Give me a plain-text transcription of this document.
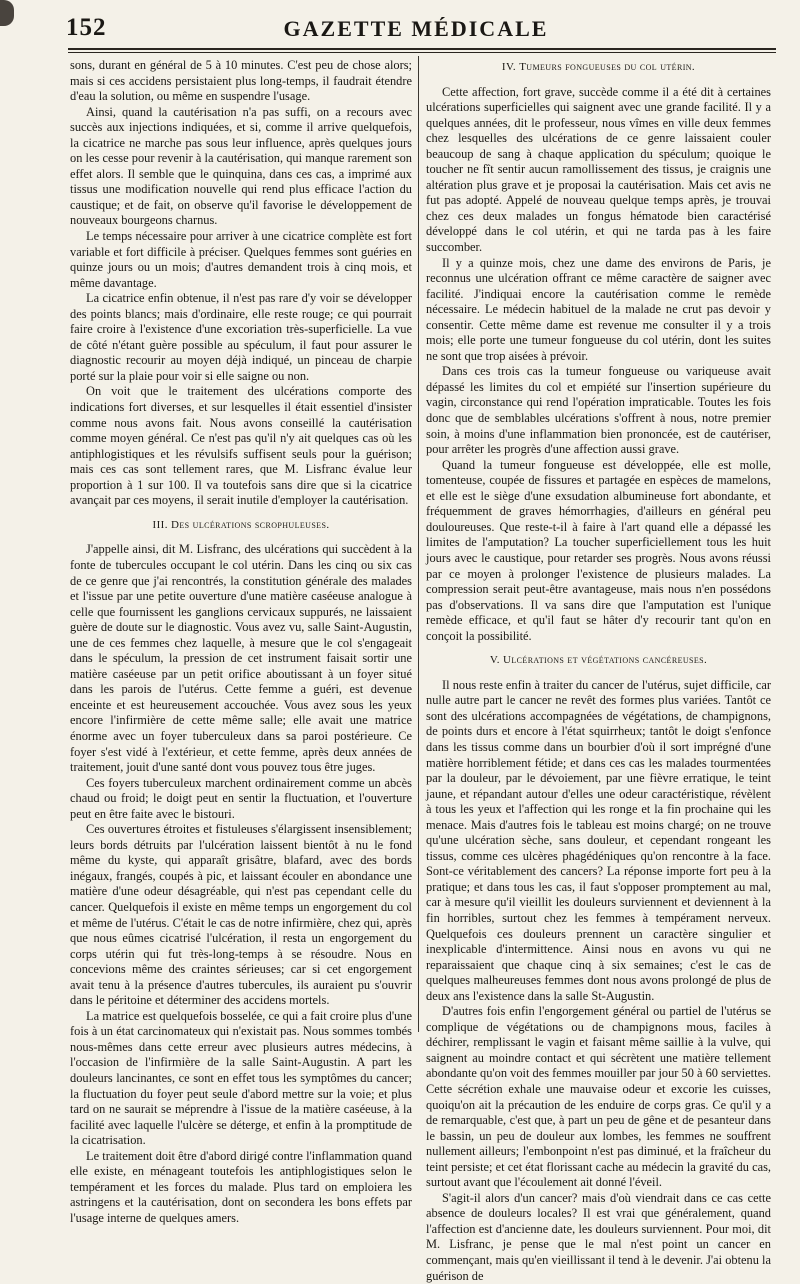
152	GAZETTE MÉDICALE

sons, durant en général de 5 à 10 minutes. C'est peu de chose alors; mais si ces accidens persistaient plus long-temps, il faudrait étendre d'eau la solution, ou même en suspendre l'usage.

Ainsi, quand la cautérisation n'a pas suffi, on a recours avec succès aux injections indiquées, et si, comme il arrive quelquefois, la cicatrice ne marche pas sous leur influence, après quelques jours on les cesse pour revenir à la cautérisation, qui manque rarement son effet alors. Il semble que le quinquina, dans ces cas, a imprimé aux tissus une modification nouvelle qui rend plus efficace l'action du caustique; et de fait, on observe qu'il favorise le développement de nouveaux bourgeons charnus.

Le temps nécessaire pour arriver à une cicatrice complète est fort variable et fort difficile à préciser. Quelques femmes sont guéries en quinze jours ou un mois; d'autres demandent trois à cinq mois, et même davantage.

La cicatrice enfin obtenue, il n'est pas rare d'y voir se développer des points blancs; mais d'ordinaire, elle reste rouge; ce qui pourrait faire croire à l'existence d'une excoriation très-superficielle. La vue de côté n'étant guère possible au spéculum, il faut pour assurer le diagnostic recourir au moyen déjà indiqué, un pinceau de charpie porté sur la plaie pour voir si elle saigne ou non.

On voit que le traitement des ulcérations comporte des indications fort diverses, et sur lesquelles il était essentiel d'insister comme nous avons fait. Nous avons conseillé la cautérisation comme moyen général. Ce n'est pas qu'il n'y ait quelques cas où les antiphlogistiques et les révulsifs suffisent seuls pour la guérison; mais ces cas sont tellement rares, que M. Lisfranc évalue leur proportion à 1 sur 100. Il va toutefois sans dire que si la cicatrice avançait par ces moyens, il serait inutile d'employer la cautérisation.

III. Des ulcérations scrophuleuses.

J'appelle ainsi, dit M. Lisfranc, des ulcérations qui succèdent à la fonte de tubercules occupant le col utérin. Dans les cinq ou six cas de ce genre que j'ai rencontrés, la constitution générale des malades et l'issue par une petite ouverture d'une matière caséeuse analogue à celle que fournissent les ganglions cervicaux suppurés, ne laissaient guère de doute sur le diagnostic. Vous avez vu, salle Saint-Augustin, une de ces femmes chez laquelle, à mesure que le col s'engageait dans le spéculum, la pression de cet instrument faisait sortir une matière caséeuse par un petit orifice aboutissant à un foyer situé dans les parois de l'utérus. Cette femme a guéri, est devenue enceinte et est heureusement accouchée. Vous avez sous les yeux encore l'infirmière de cette même salle; elle avait une matrice énorme avec un foyer tuberculeux dans sa paroi postérieure. Ce foyer s'est vidé à l'extérieur, et cette femme, après deux années de traitement, jouit d'une santé dont vous pouvez tous être juges.

Ces foyers tuberculeux marchent ordinairement comme un abcès chaud ou froid; le doigt peut en sentir la fluctuation, et l'ouverture peut en être faite avec le bistouri.

Ces ouvertures étroites et fistuleuses s'élargissent insensiblement; leurs bords détruits par l'ulcération laissent bientôt à nu le fond même du kyste, qui apparaît grisâtre, blafard, avec des bords inégaux, frangés, coupés à pic, et laissant écouler en abondance une matière d'une odeur désagréable, qui n'est pas cependant celle du cancer. Quelquefois il existe en même temps un engorgement du col et même de l'utérus. C'était le cas de notre infirmière, chez qui, après que nous eûmes cicatrisé l'ulcération, il resta un engorgement du corps utérin qui fut très-long-temps à se résoudre. Nous en concevions même des craintes sérieuses; car si cet engorgement avait tenu à la présence d'autres tubercules, ils auraient pu s'ouvrir dans le péritoine et déterminer des accidens mortels.

La matrice est quelquefois bosselée, ce qui a fait croire plus d'une fois à un état carcinomateux qui n'existait pas. Nous sommes tombés nous-mêmes dans cette erreur avec plusieurs autres médecins, à l'occasion de l'infirmière de la salle Saint-Augustin. A part les douleurs lancinantes, ce sont en effet tous les symptômes du cancer; la fluctuation du foyer peut seule d'abord mettre sur la voie; et plus tard on ne saurait se méprendre à l'issue de la matière caséeuse, à la facilité avec laquelle l'ulcère se déterge, et enfin à la promptitude de la cicatrisation.

Le traitement doit être d'abord dirigé contre l'inflammation quand elle existe, en ménageant toutefois les antiphlogistiques selon le tempérament et les forces du malade. Plus tard on emploiera les astringens et la cautérisation, dont on secondera les bons effets par l'usage interne de quelques amers.

IV. Tumeurs fongueuses du col utérin.

Cette affection, fort grave, succède comme il a été dit à certaines ulcérations superficielles qui saignent avec une grande facilité. Il y a quelques années, dit le professeur, nous vîmes en ville deux femmes chez lesquelles des ulcérations de ce genre laissaient couler beaucoup de sang à chaque application du spéculum; quoique le toucher ne fît sentir aucun ramollissement des tissus, je craignis une altération plus grave et je proposai la cautérisation. Mais cet avis ne fut pas adopté. Appelé de nouveau quelque temps après, je trouvai chez ces deux malades un fongus hématode bien caractérisé développé dans le col utérin, et qui ne tarda pas à les faire succomber.

Il y a quinze mois, chez une dame des environs de Paris, je reconnus une ulcération offrant ce même caractère de saigner avec facilité. J'indiquai encore la cautérisation comme le remède nécessaire. Le médecin habituel de la malade ne crut pas devoir y consentir. Cette même dame est revenue me consulter il y a trois mois; elle porte une tumeur fongueuse du col utérin, dont les suites ne sont que trop aisées à prévoir.

Dans ces trois cas la tumeur fongueuse ou variqueuse avait dépassé les limites du col et empiété sur l'insertion supérieure du vagin, circonstance qui rend l'opération impraticable. Toutes les fois donc que de semblables ulcérations s'offrent à nous, notre premier soin, à moins d'une inflammation bien prononcée, est de cautériser, pour arrêter les progrès d'une affection aussi grave.

Quand la tumeur fongueuse est développée, elle est molle, tomenteuse, coupée de fissures et partagée en espèces de mamelons, et elle est le siège d'une exsudation albumineuse fort abondante, et fréquemment de graves hémorrhagies, d'ailleurs en général peu douloureuses. Que reste-t-il à faire à l'art quand elle a dépassé les limites de l'amputation? La toucher superficiellement tous les huit jours avec le caustique, pour retarder ses progrès. Nous avons réussi par ce moyen à prolonger l'existence de plusieurs malades. La compression serait peut-être avantageuse, mais nous n'en possédons pas d'observations. Il va sans dire que l'amputation est l'unique remède efficace, et qu'il faut se hâter d'y recourir tant qu'on en conçoit la possibilité.

V. Ulcérations et végétations cancéreuses.

Il nous reste enfin à traiter du cancer de l'utérus, sujet difficile, car nulle autre part le cancer ne revêt des formes plus variées. Tantôt ce sont des ulcérations accompagnées de végétations, de champignons, de points durs et encore à l'état squirrheux; tantôt le doigt s'enfonce dans les tissus comme dans un bourbier d'où il sort imprégné d'une matière horriblement fétide; et dans ces cas les malades tourmentées par la douleur, par le dévoiement, par une fièvre erratique, le teint jaune, et répandant autour d'elles une odeur caractéristique, révèlent à tous les yeux et l'affection qui les ronge et la fin prochaine qui les menace. Mais d'autres fois le tableau est moins chargé; on ne trouve qu'une ulcération sèche, sans douleur, et cependant rongeant les tissus, comme ces ulcères phagédéniques qu'on rencontre à la face. Sont-ce véritablement des cancers? La réponse importe fort peu à la pratique; et dans tous les cas, il faut s'opposer promptement au mal, car à mesure qu'il vieillit les douleurs surviennent et deviennent à la fin horribles, surtout chez les femmes à tempérament nerveux. Quelquefois ces douleurs prennent un caractère singulier et inexplicable d'intermittence. Ainsi nous en avons vu qui ne reparaissaient que chaque cinq à six semaines; c'est le cas de quelques malheureuses femmes dont nous avons prolongé de plus de deux ans l'existence dans la salle St-Augustin.

D'autres fois enfin l'engorgement général ou partiel de l'utérus se complique de végétations ou de champignons mous, faciles à déchirer, remplissant le vagin et faisant même saillie à la vulve, qui saignent au moindre contact et qui sécrètent une matière tellement abondante qu'on voit des femmes mouiller par jour 50 à 60 serviettes. Cette sécrétion exhale une mauvaise odeur et excorie les cuisses, quoiqu'on ait la précaution de les enduire de corps gras. Ce qu'il y a de remarquable, c'est que, à part un peu de gêne et de pesanteur dans le bassin, un peu de douleur aux lombes, les femmes ne souffrent nullement ailleurs; l'embonpoint n'est pas diminué, et la fraîcheur du teint persiste; et cet état florissant cache au médecin la gravité du cas, surtout avant que l'écoulement ait donné l'éveil.

S'agit-il alors d'un cancer? mais d'où viendrait dans ce cas cette absence de douleurs locales? Il est vrai que généralement, quand l'affection est d'ancienne date, les douleurs surviennent. Pour moi, dit M. Lisfranc, je pense que le mal n'est point un cancer en commençant, mais qu'en vieillissant il tend à le devenir. J'ai obtenu la guérison de
